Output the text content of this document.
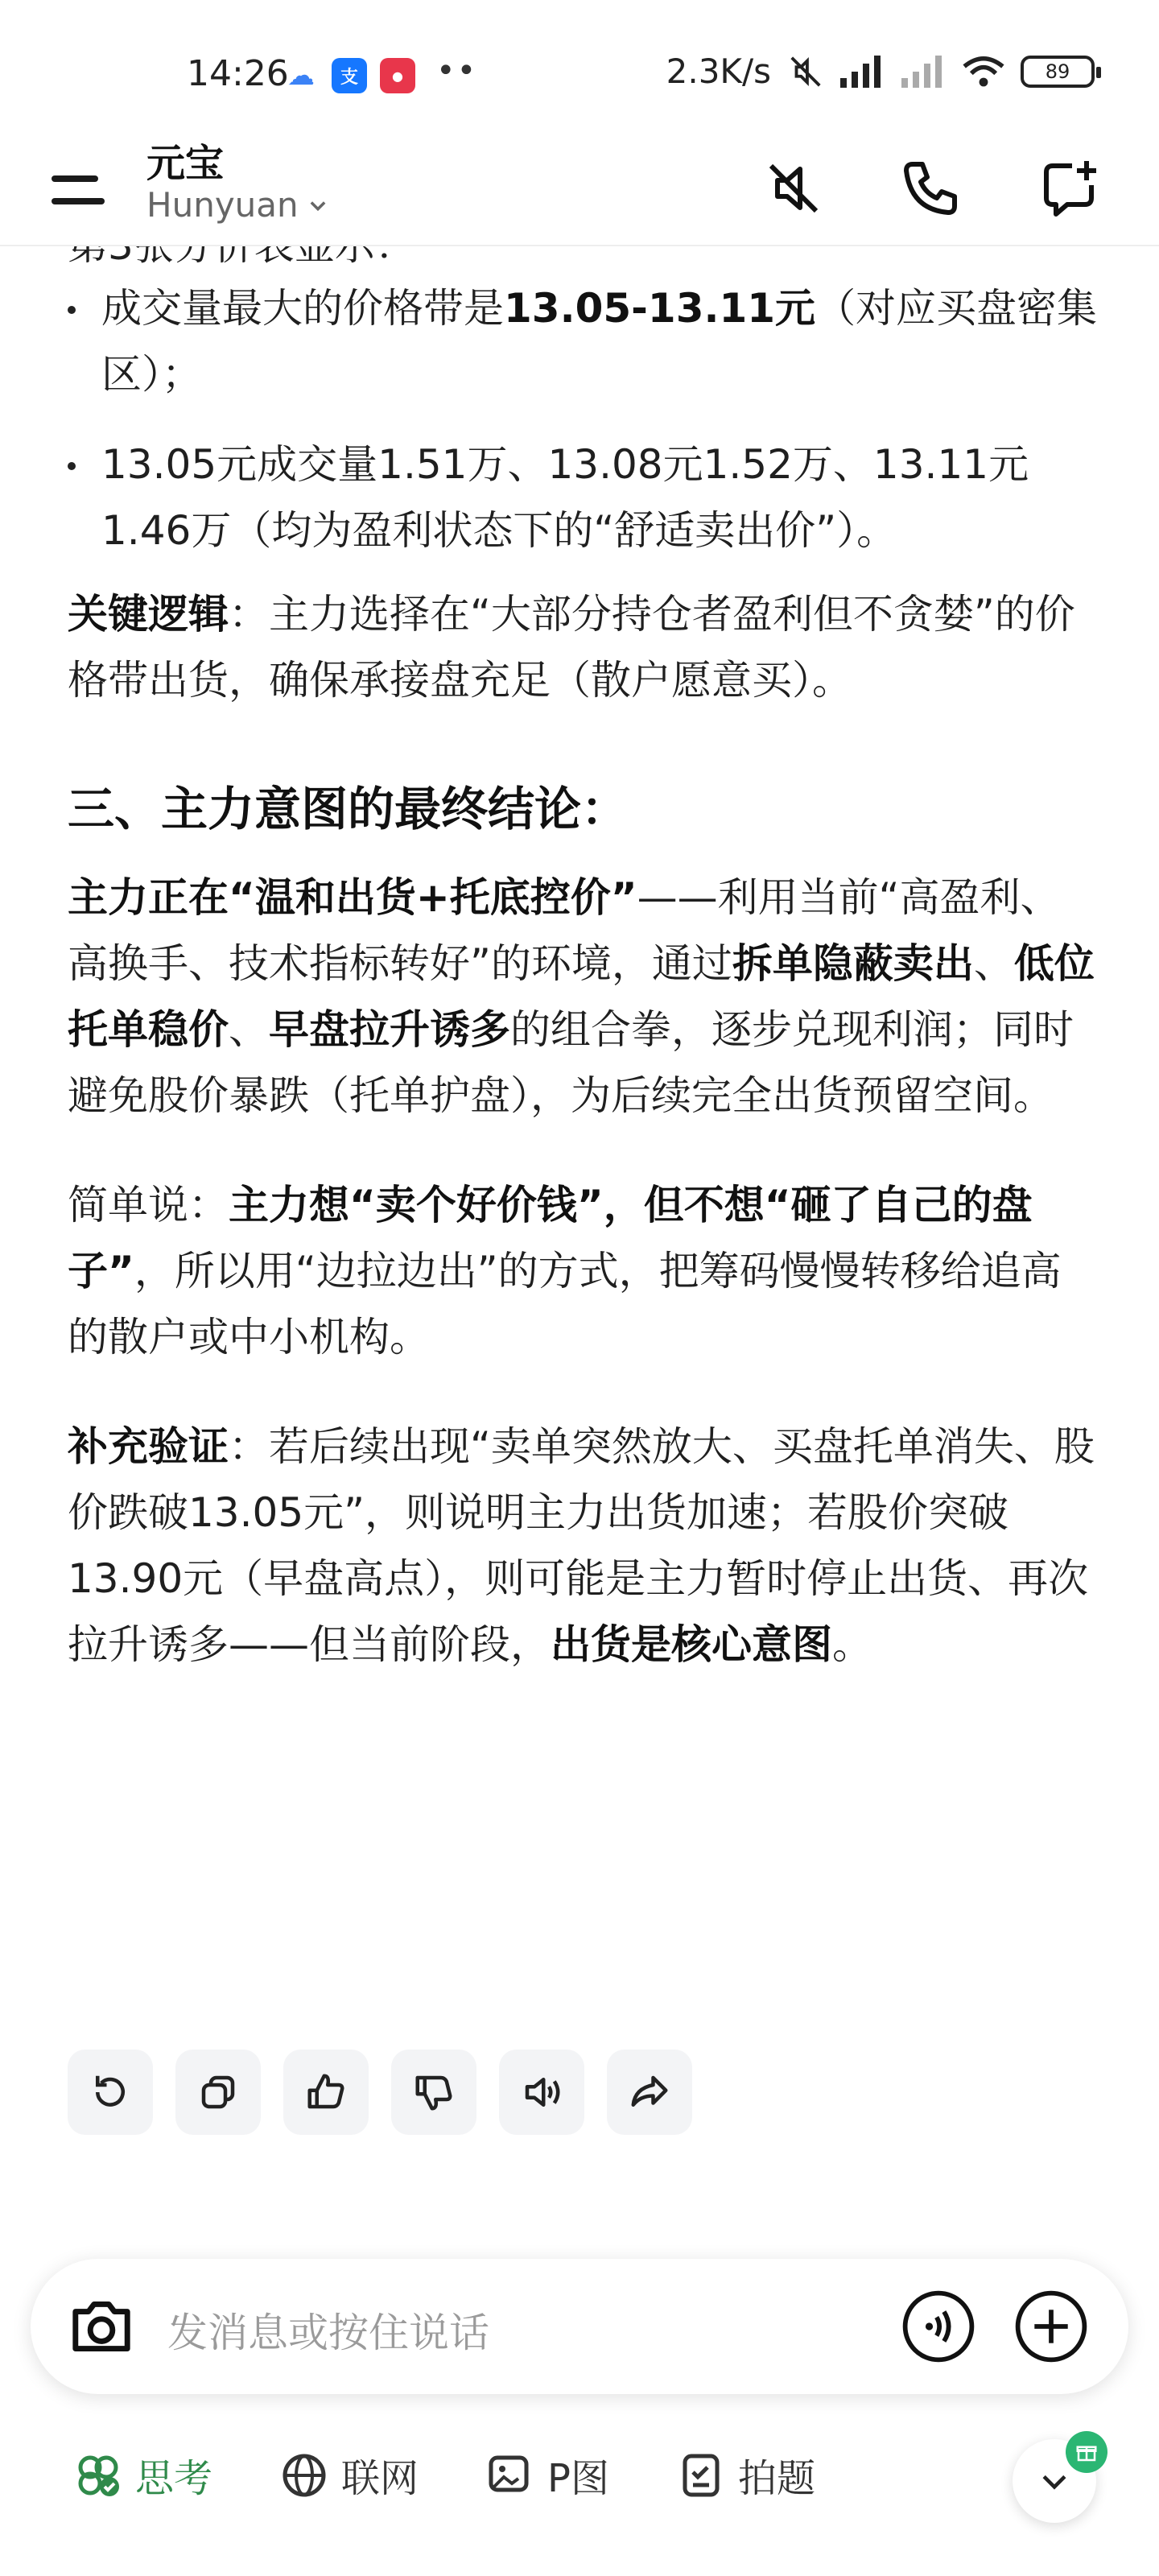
14:26
☁	支	●	••	2.3K/s	89
元宝
Hunyuan
成交量最大的价格带是13.05-13.11元（对应买盘密集区）；
13.05元成交量1.51万、13.08元1.52万、13.11元1.46万（均为盈利状态下的“舒适卖出价”）。

关键逻辑：主力选择在“大部分持仓者盈利但不贪婪”的价格带出货，确保承接盘充足（散户愿意买）。

三、主力意图的最终结论：

主力正在“温和出货+托底控价”——利用当前“高盈利、高换手、技术指标转好”的环境，通过拆单隐蔽卖出、低位托单稳价、早盘拉升诱多的组合拳，逐步兑现利润；同时避免股价暴跌（托单护盘），为后续完全出货预留空间。

简单说：主力想“卖个好价钱”，但不想“砸了自己的盘子”，所以用“边拉边出”的方式，把筹码慢慢转移给追高的散户或中小机构。

补充验证：若后续出现“卖单突然放大、买盘托单消失、股价跌破13.05元”，则说明主力出货加速；若股价突破13.90元（早盘高点），则可能是主力暂时停止出货、再次拉升诱多——但当前阶段，出货是核心意图。

发消息或按住说话
思考	联网	P图	拍题
